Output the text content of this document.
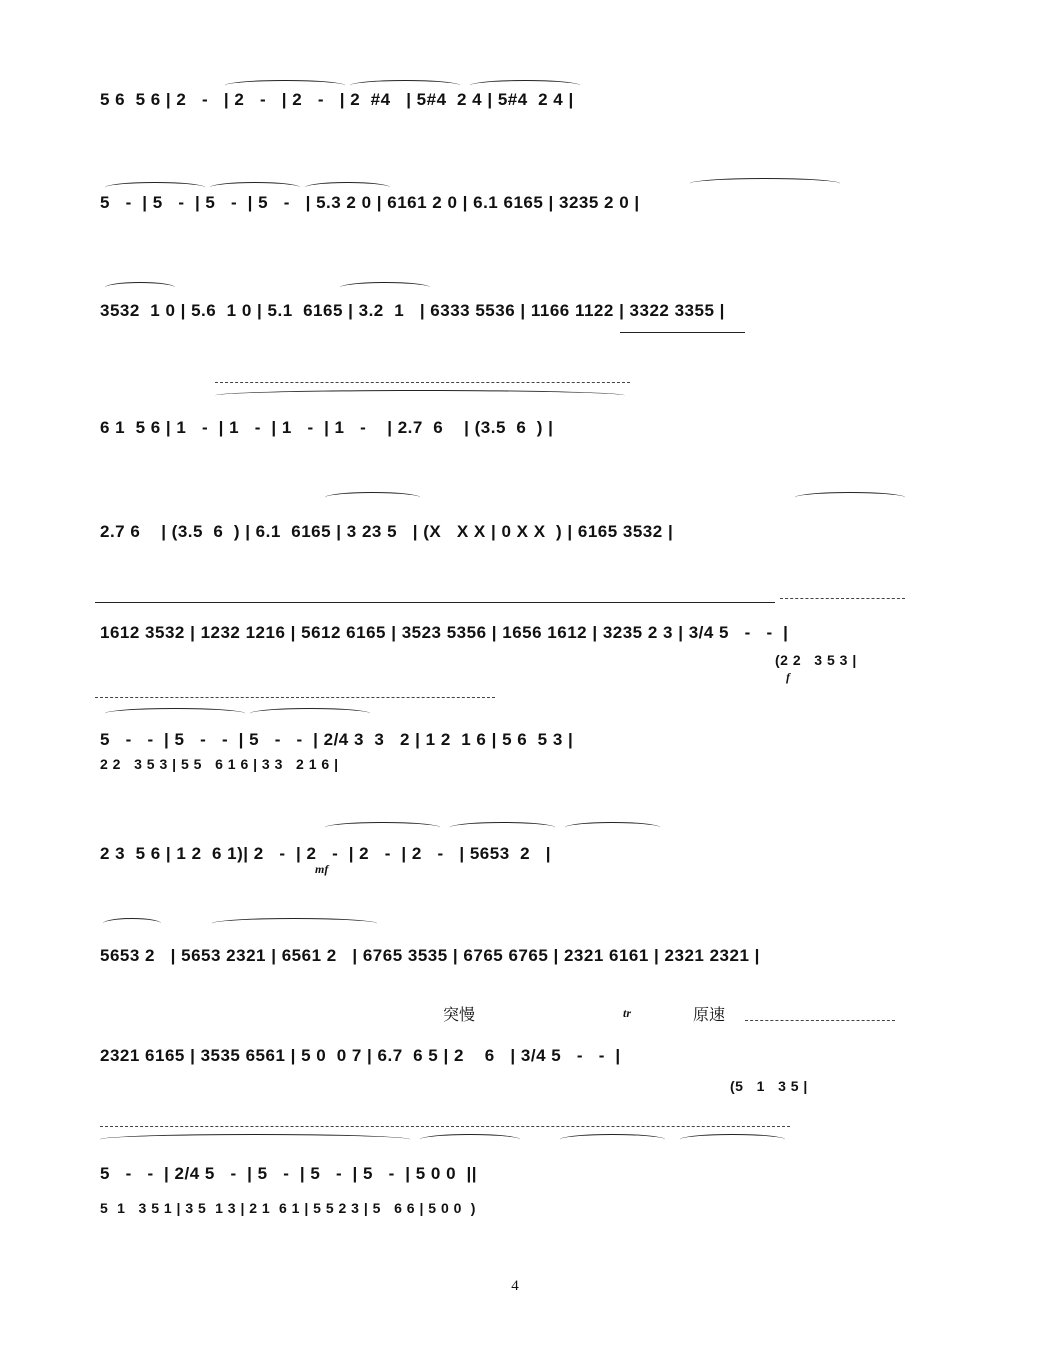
5 6  5 6 | 2   -   | 2   -   | 2   -   | 2  #4   | 5#4  2 4 | 5#4  2 4 |
5   -  | 5   -  | 5   -  | 5   -   | 5.3 2 0 | 6161 2 0 | 6.1 6165 | 3235 2 0 |
3532  1 0 | 5.6  1 0 | 5.1  6165 | 3.2  1   | 6333 5536 | 1166 1122 | 3322 3355 |
6 1  5 6 | 1   -  | 1   -  | 1   -  | 1   -    | 2.7  6    | (3.5  6  ) |
2.7 6    | (3.5  6  ) | 6.1  6165 | 3 23 5   | (X   X X | 0 X X  ) | 6165 3532 |
1612 3532 | 1232 1216 | 5612 6165 | 3523 5356 | 1656 1612 | 3235 2 3 | 3/4 5   -   -  |
(2 2   3 5 3 |
f
5   -   -  | 5   -   -  | 5   -   -  | 2/4 3  3   2 | 1 2  1 6 | 5 6  5 3 |
2 2   3 5 3 | 5 5   6 1 6 | 3 3   2 1 6 |
2 3  5 6 | 1 2  6 1)| 2   -  | 2   -  | 2   -  | 2   -   | 5653  2   |
mf
5653 2   | 5653 2321 | 6561 2   | 6765 3535 | 6765 6765 | 2321 6161 | 2321 2321 |
突慢	tr	原速
2321 6165 | 3535 6561 | 5 0  0 7 | 6.7  6 5 | 2    6   | 3/4 5   -   -  |
(5   1   3 5 |
5   -   -  | 2/4 5   -  | 5   -  | 5   -  | 5   -  | 5 0 0  ||
5  1   3 5 1 | 3 5  1 3 | 2 1  6 1 | 5 5 2 3 | 5   6 6 | 5 0 0  )
4
